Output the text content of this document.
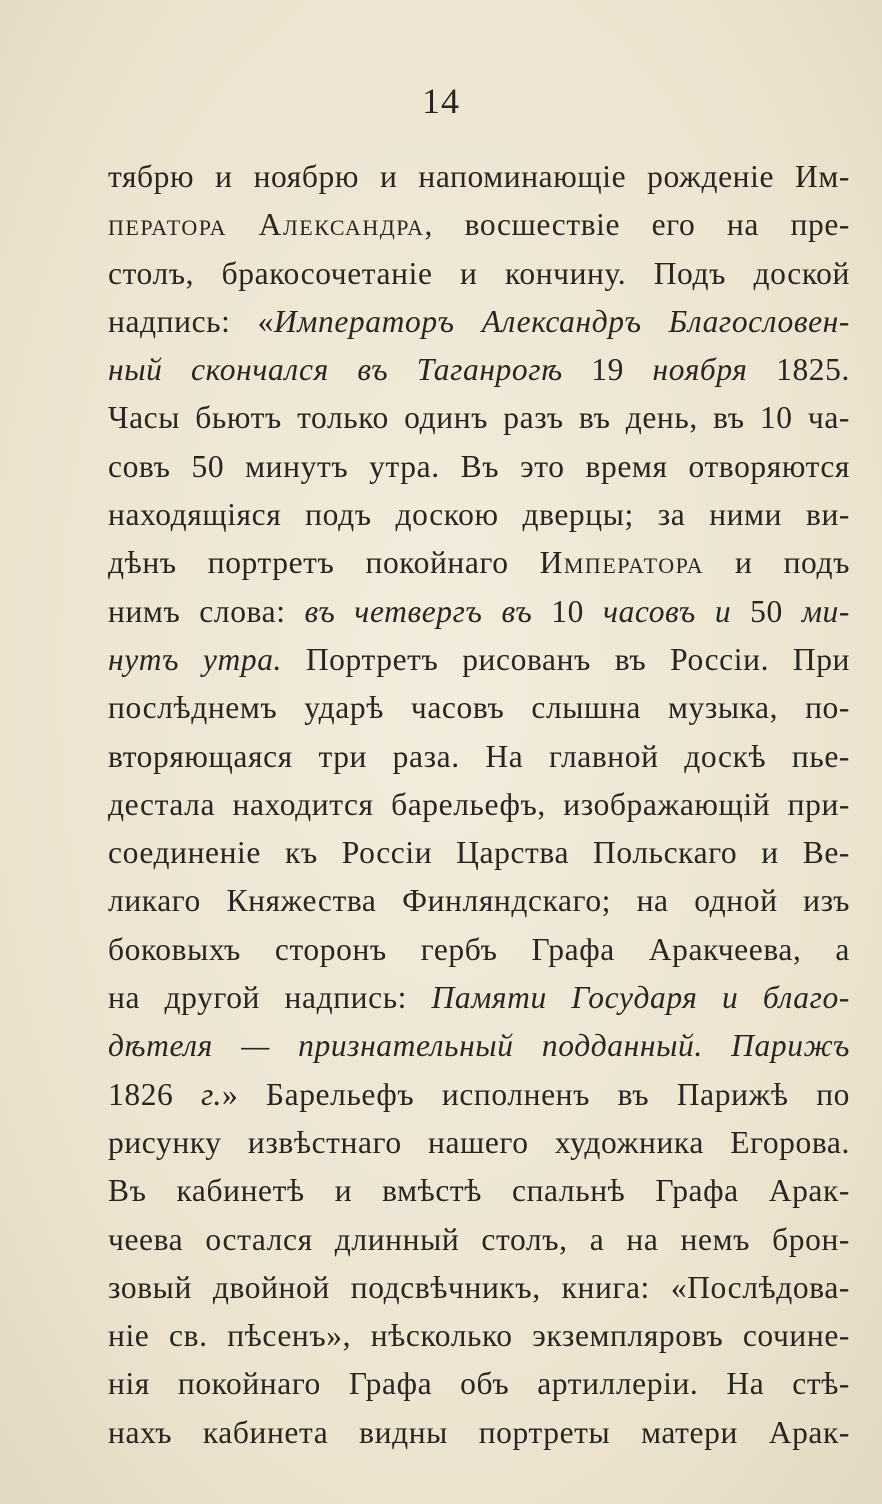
14
тябрю и ноябрю и напоминающіе рожденіе Им-
ператора Александра, восшествіе его на пре-
столъ, бракосочетаніе и кончину. Подъ доской
надпись: «Императоръ Александръ Благословен-
ный скончался въ Таганрогѣ 19 ноября 1825.
Часы бьютъ только одинъ разъ въ день, въ 10 ча-
совъ 50 минутъ утра. Въ это время отворяются
находящіяся подъ доскою дверцы; за ними ви-
дѣнъ портретъ покойнаго Императора и подъ
нимъ слова: въ четвергъ въ 10 часовъ и 50 ми-
нутъ утра. Портретъ рисованъ въ Россіи. При
послѣднемъ ударѣ часовъ слышна музыка, по-
вторяющаяся три раза. На главной доскѣ пье-
дестала находится барельефъ, изображающій при-
соединеніе къ Россіи Царства Польскаго и Ве-
ликаго Княжества Финляндскаго; на одной изъ
боковыхъ сторонъ гербъ Графа Аракчеева, а
на другой надпись: Памяти Государя и благо-
дѣтеля — признательный подданный. Парижъ
1826 г.» Барельефъ исполненъ въ Парижѣ по
рисунку извѣстнаго нашего художника Егорова.
Въ кабинетѣ и вмѣстѣ спальнѣ Графа Арак-
чеева остался длинный столъ, а на немъ брон-
зовый двойной подсвѣчникъ, книга: «Послѣдова-
ніе св. пѣсенъ», нѣсколько экземпляровъ сочине-
нія покойнаго Графа объ артиллеріи. На стѣ-
нахъ кабинета видны портреты матери Арак-
